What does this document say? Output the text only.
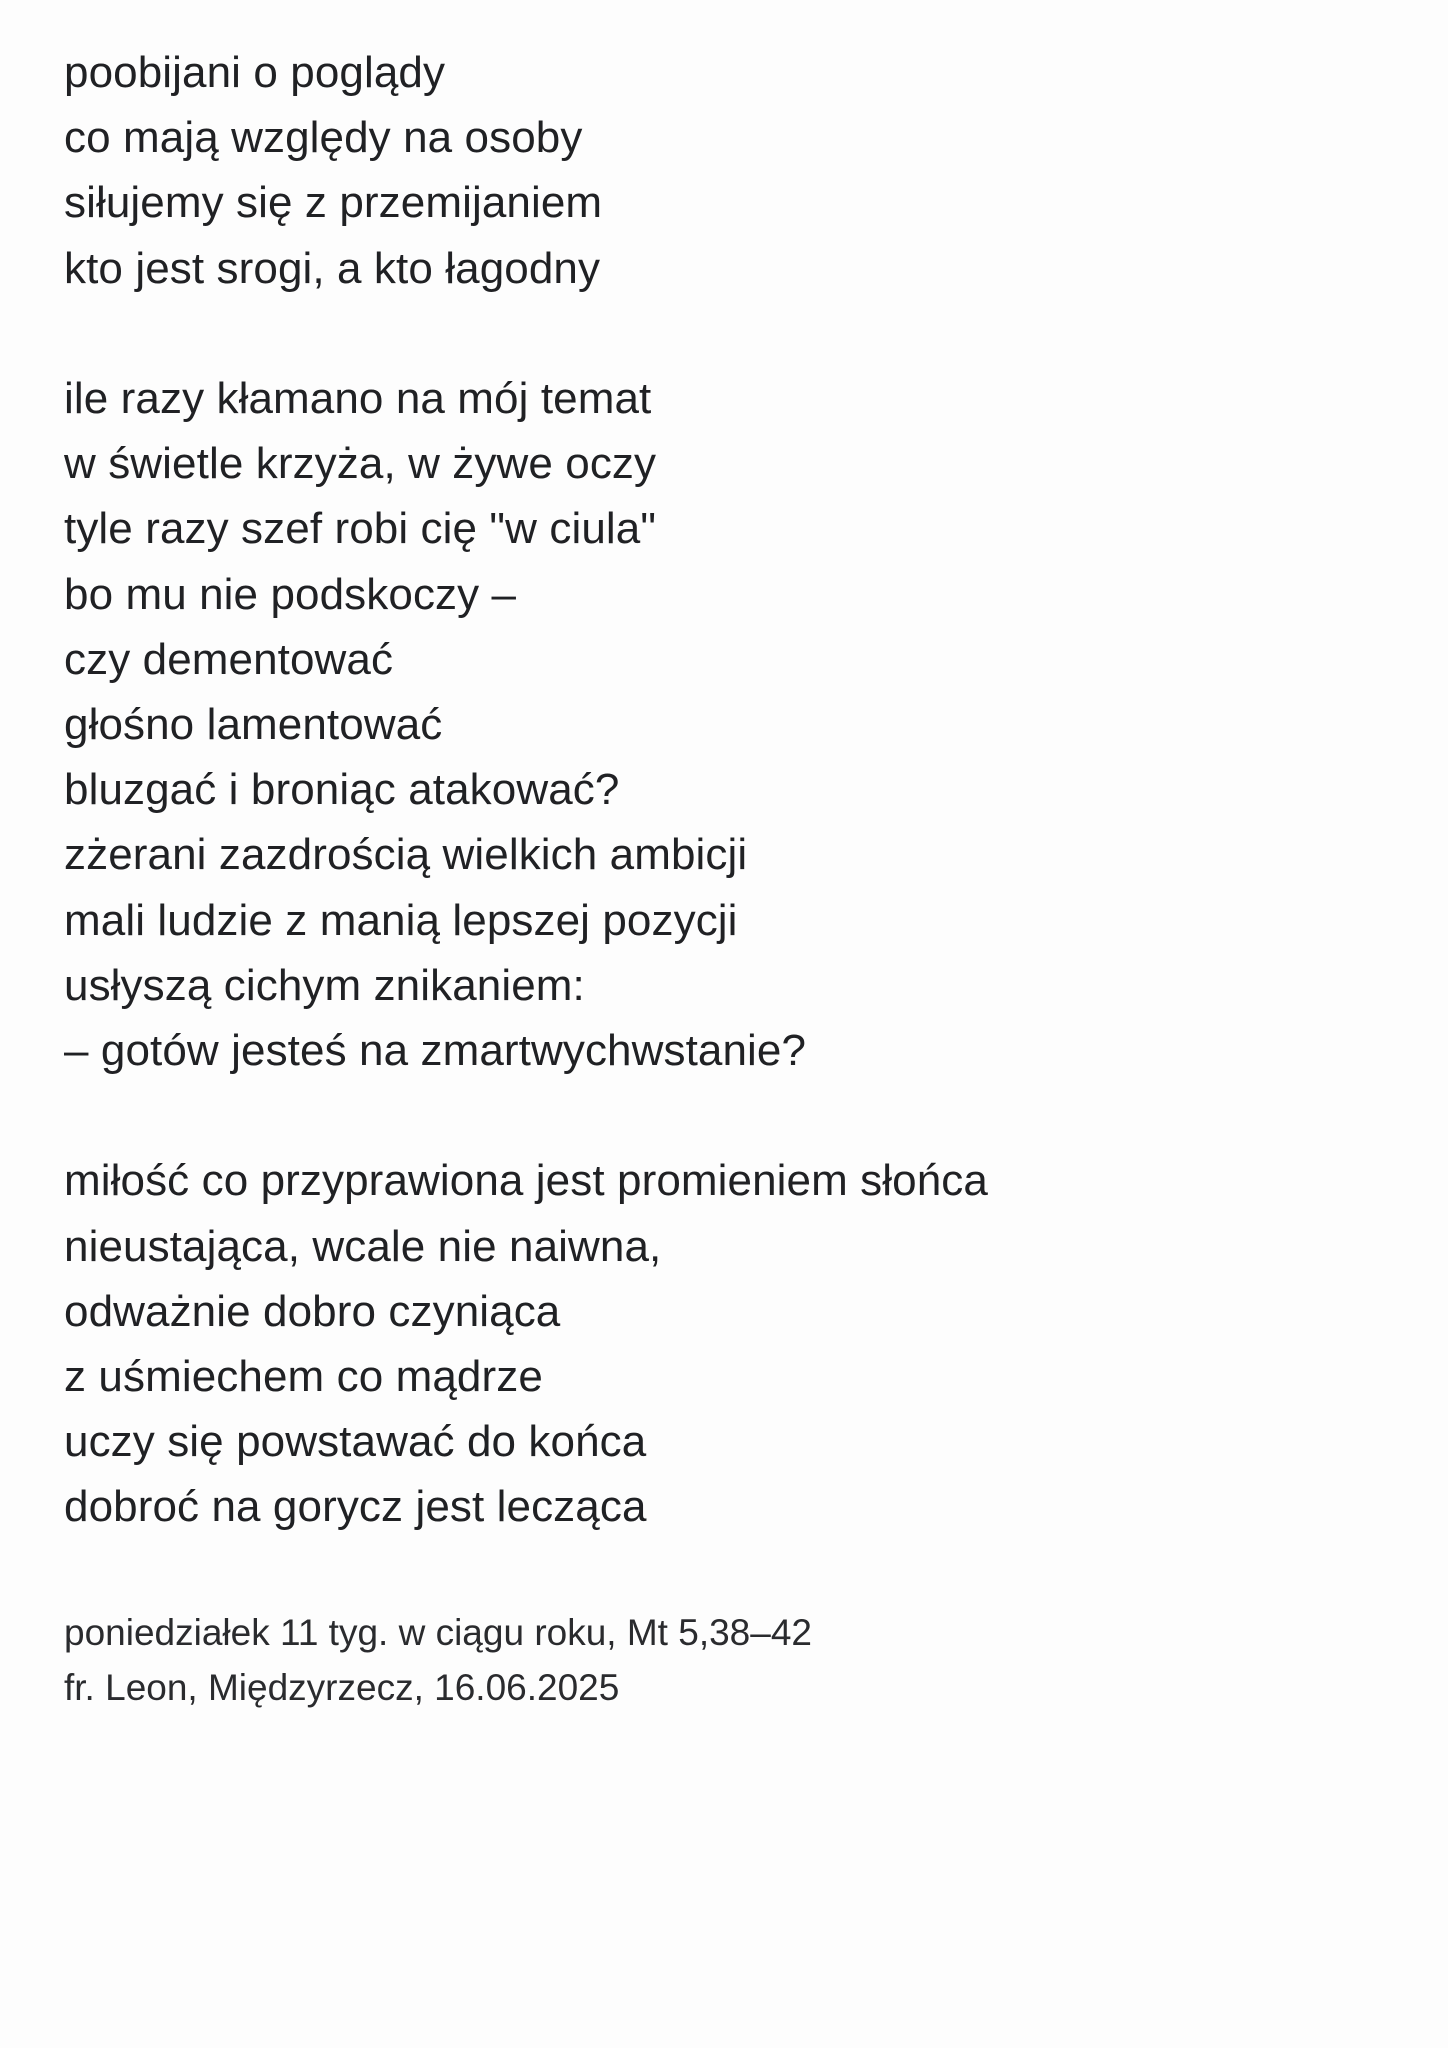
poobijani o poglądy
co mają względy na osoby
siłujemy się z przemijaniem
kto jest srogi, a kto łagodny
ile razy kłamano na mój temat
w świetle krzyża, w żywe oczy
tyle razy szef robi cię "w ciula"
bo mu nie podskoczy –
czy dementować
głośno lamentować
bluzgać i broniąc atakować?
zżerani zazdrością wielkich ambicji
mali ludzie z manią lepszej pozycji
usłyszą cichym znikaniem:
– gotów jesteś na zmartwychwstanie?
miłość co przyprawiona jest promieniem słońca
nieustająca, wcale nie naiwna,
odważnie dobro czyniąca
z uśmiechem co mądrze
uczy się powstawać do końca
dobroć na gorycz jest lecząca
poniedziałek 11 tyg. w ciągu roku, Mt 5,38–42
fr. Leon, Międzyrzecz, 16.06.2025
